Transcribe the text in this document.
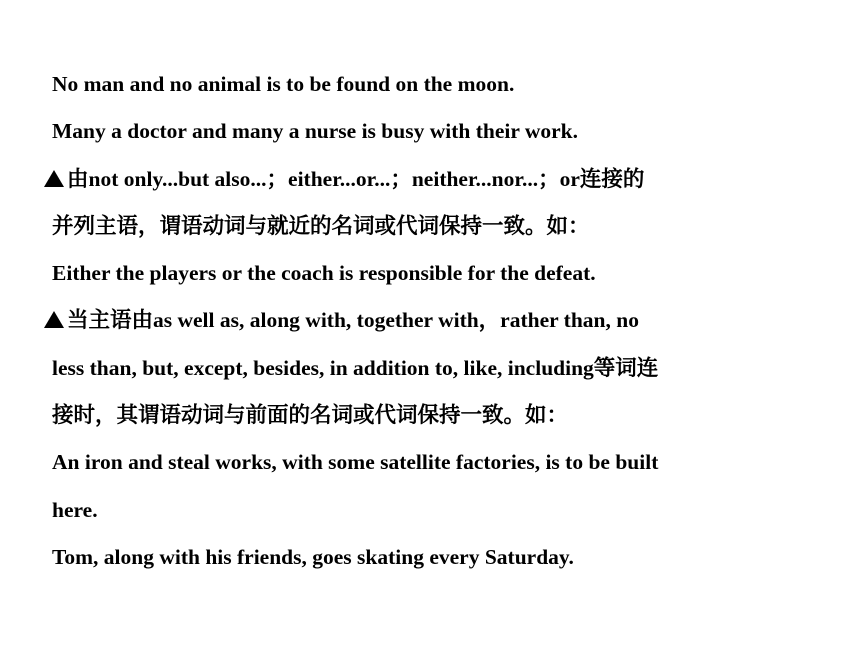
No man and no animal is to be found on the moon.
Many a doctor and many a nurse is busy with their work.
由not only...but also...；either...or...；neither...nor...；or连接的
并列主语，谓语动词与就近的名词或代词保持一致。如：
Either the players or the coach is responsible for the defeat.
当主语由as well as, along with, together with，rather than, no
less than, but, except, besides, in addition to, like, including等词连
接时，其谓语动词与前面的名词或代词保持一致。如：
An iron and steal works, with some satellite factories, is to be built
here.
Tom, along with his friends, goes skating every Saturday.
